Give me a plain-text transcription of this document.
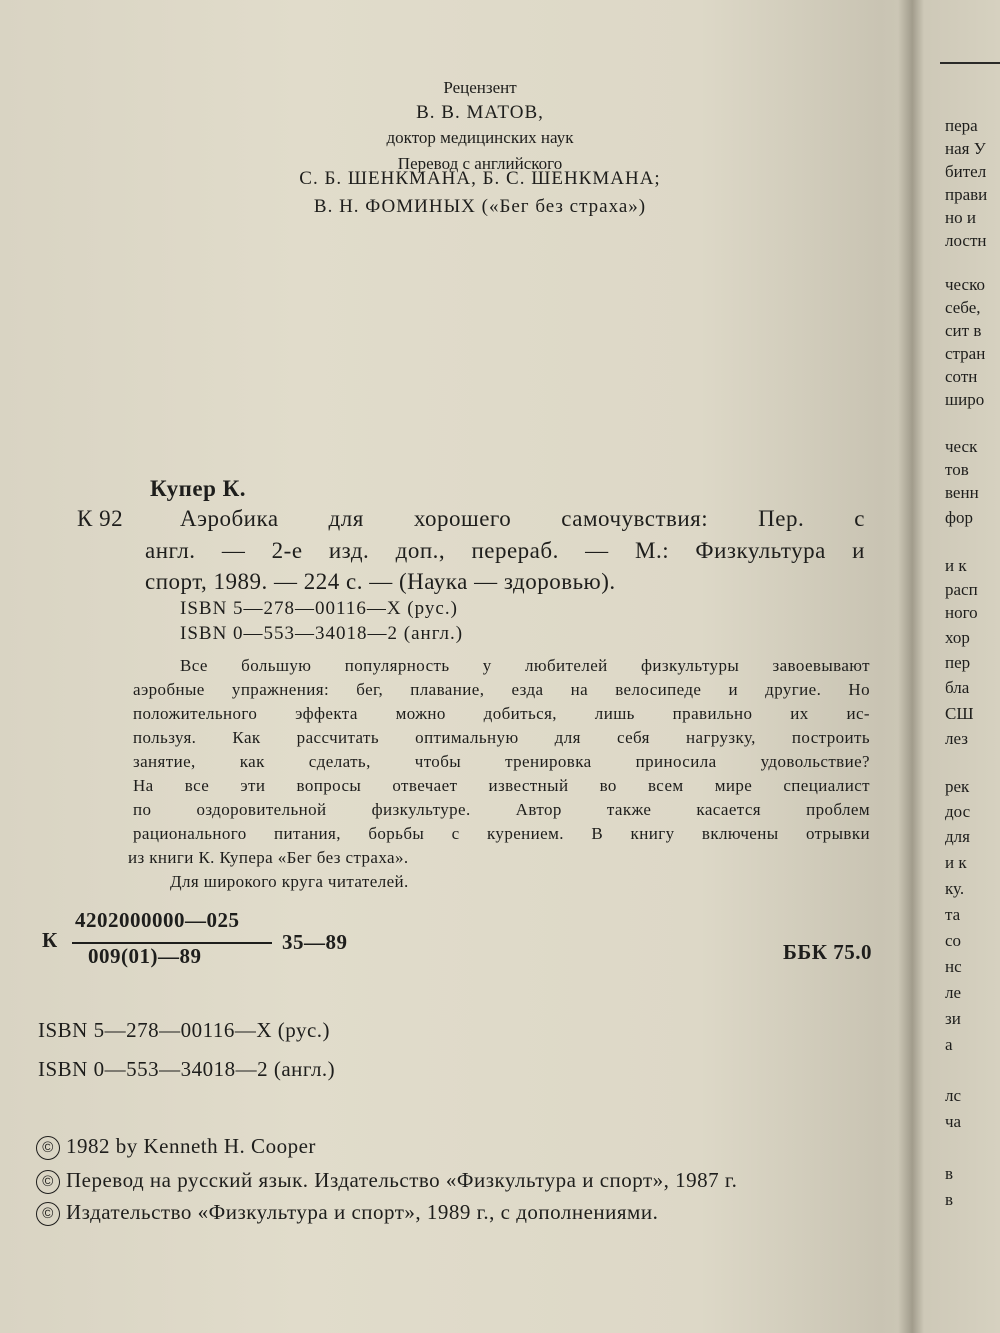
Рецензент
В. В. МАТОВ,
доктор медицинских наук
Перевод с английского
С. Б. ШЕНКМАНА, Б. С. ШЕНКМАНА;
В. Н. ФОМИНЫХ («Бег без страха»)
Купер К.
К 92 Аэробика для хорошего самочувствия: Пер. с
англ. — 2-е изд. доп., перераб. — М.: Физкультура и
спорт, 1989. — 224 с. — (Наука — здоровью).
ISBN 5—278—00116—Х (рус.)
ISBN 0—553—34018—2 (англ.)
Все большую популярность у любителей физкультуры завоевывают
аэробные упражнения: бег, плавание, езда на велосипеде и другие. Но
положительного эффекта можно добиться, лишь правильно их ис-
пользуя. Как рассчитать оптимальную для себя нагрузку, построить
занятие, как сделать, чтобы тренировка приносила удовольствие?
На все эти вопросы отвечает известный во всем мире специалист
по оздоровительной физкультуре. Автор также касается проблем
рационального питания, борьбы с курением. В книгу включены отрывки
из книги К. Купера «Бег без страха».
Для широкого круга читателей.
К
4202000000—025
009(01)—89
35—89	ББК 75.0
ISBN 5—278—00116—Х (рус.)
ISBN 0—553—34018—2 (англ.)
© 1982 by Kenneth H. Cooper
© Перевод на русский язык. Издательство «Физкультура и спорт», 1987 г.
© Издательство «Физкультура и спорт», 1989 г., с дополнениями.
пера
ная У
бител
прави
но и
лостн
ческо
себе,
сит в
стран
сотн
широ
ческ
тов
венн
фор
и к
расп
ного
хор
пер
бла
СШ
лез
рек
дос
для
и к
ку.
та
со
нс
ле
зи
а
лс
ча
в
в
